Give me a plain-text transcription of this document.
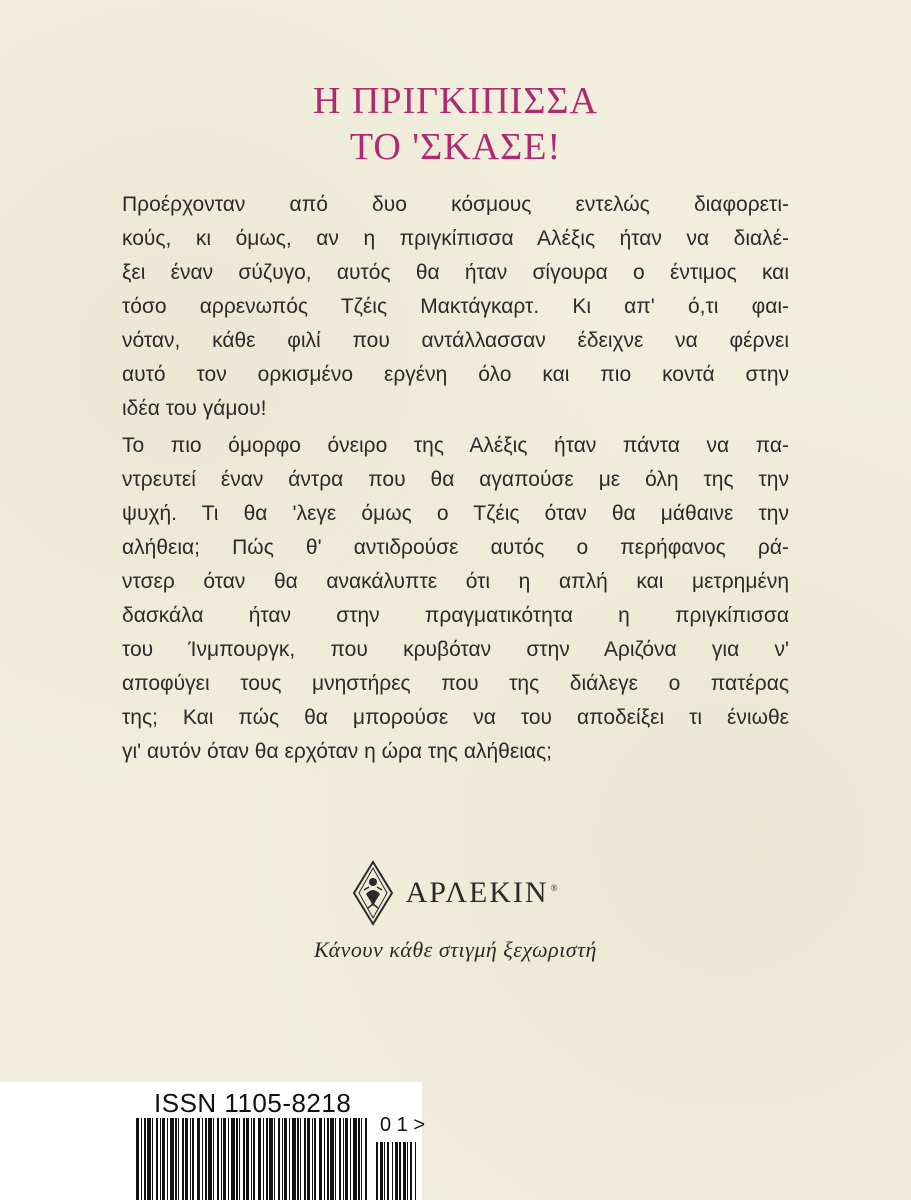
Η ΠΡΙΓΚΙΠΙΣΣΑ
ΤΟ 'ΣΚΑΣΕ!
Προέρχονταν από δυο κόσμους εντελώς διαφορετι-
κούς, κι όμως, αν η πριγκίπισσα Αλέξις ήταν να διαλέ-
ξει έναν σύζυγο, αυτός θα ήταν σίγουρα ο έντιμος και
τόσο αρρενωπός Τζέις Μακτάγκαρτ. Κι απ' ό,τι φαι-
νόταν, κάθε φιλί που αντάλλασσαν έδειχνε να φέρνει
αυτό τον ορκισμένο εργένη όλο και πιο κοντά στην
ιδέα του γάμου!
Το πιο όμορφο όνειρο της Αλέξις ήταν πάντα να πα-
ντρευτεί έναν άντρα που θα αγαπούσε με όλη της την
ψυχή. Τι θα 'λεγε όμως ο Τζέις όταν θα μάθαινε την
αλήθεια; Πώς θ' αντιδρούσε αυτός ο περήφανος ρά-
ντσερ όταν θα ανακάλυπτε ότι η απλή και μετρημένη
δασκάλα ήταν στην πραγματικότητα η πριγκίπισσα
του Ίνμπουργκ, που κρυβόταν στην Αριζόνα για ν'
αποφύγει τους μνηστήρες που της διάλεγε ο πατέρας
της; Και πώς θα μπορούσε να του αποδείξει τι ένιωθε
γι' αυτόν όταν θα ερχόταν η ώρα της αλήθειας;
ΑΡΛΕΚΙΝ ®
Κάνουν κάθε στιγμή ξεχωριστή
ISSN 1105-8218
0 1 >
